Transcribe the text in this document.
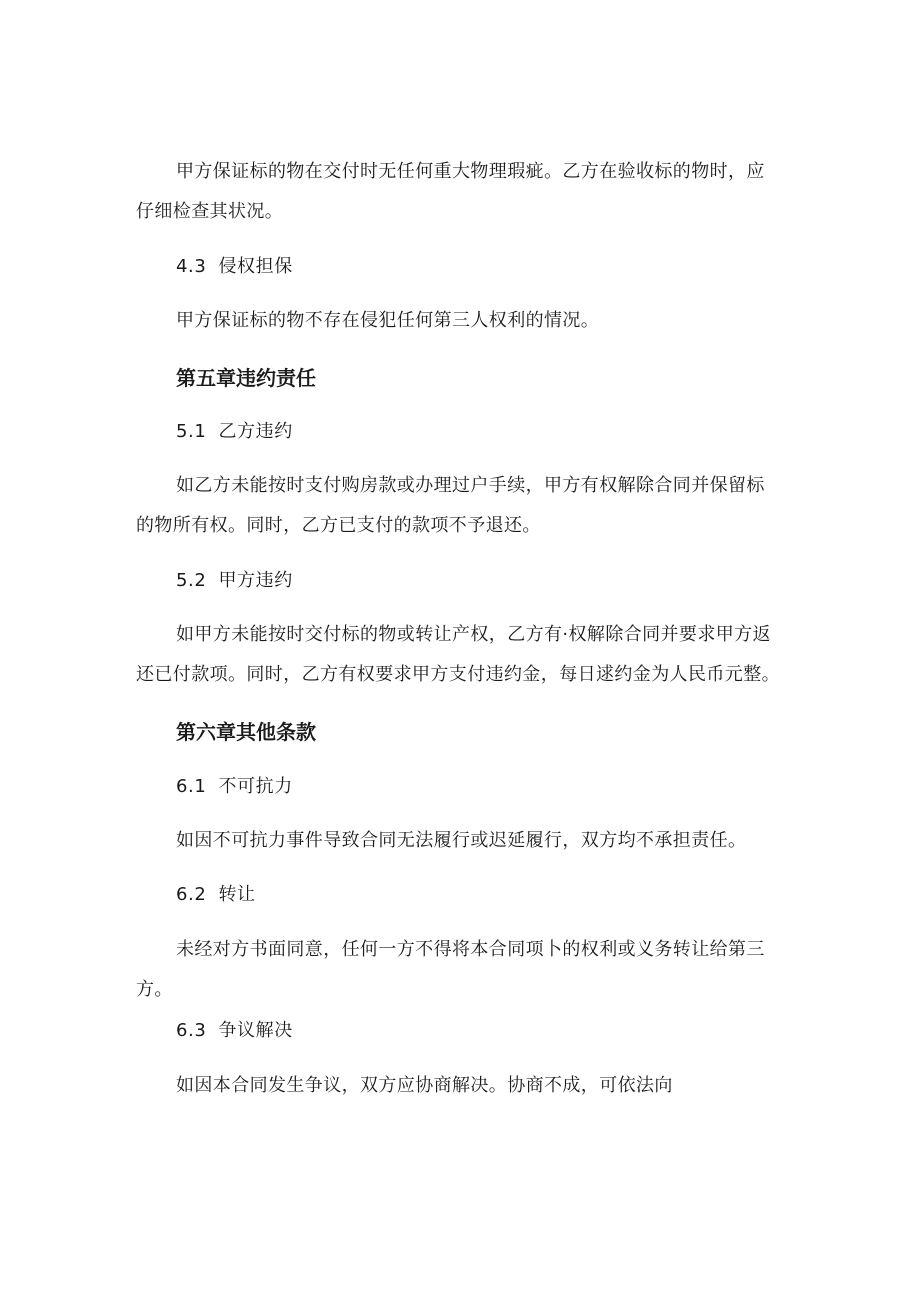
甲方保证标的物在交付时无任何重大物理瑕疵。乙方在验收标的物时，应
仔细检查其状况。
4.3 侵权担保
甲方保证标的物不存在侵犯任何第三人权利的情况。
第五章违约责任
5.1 乙方违约
如乙方未能按时支付购房款或办理过户手续，甲方有权解除合同并保留标
的物所有权。同时，乙方已支付的款项不予退还。
5.2 甲方违约
如甲方未能按时交付标的物或转让产权，乙方有·权解除合同并要求甲方返
还已付款项。同时，乙方有权要求甲方支付违约金，每日逑约金为人民币元整。
第六章其他条款
6.1 不可抗力
如因不可抗力事件导致合同无法履行或迟延履行，双方均不承担责任。
6.2 转让
未经对方书面同意，任何一方不得将本合同项卜的权利或义务转让给第三
方。
6.3 争议解决
如因本合同发生争议，双方应协商解决。协商不成，可依法向
